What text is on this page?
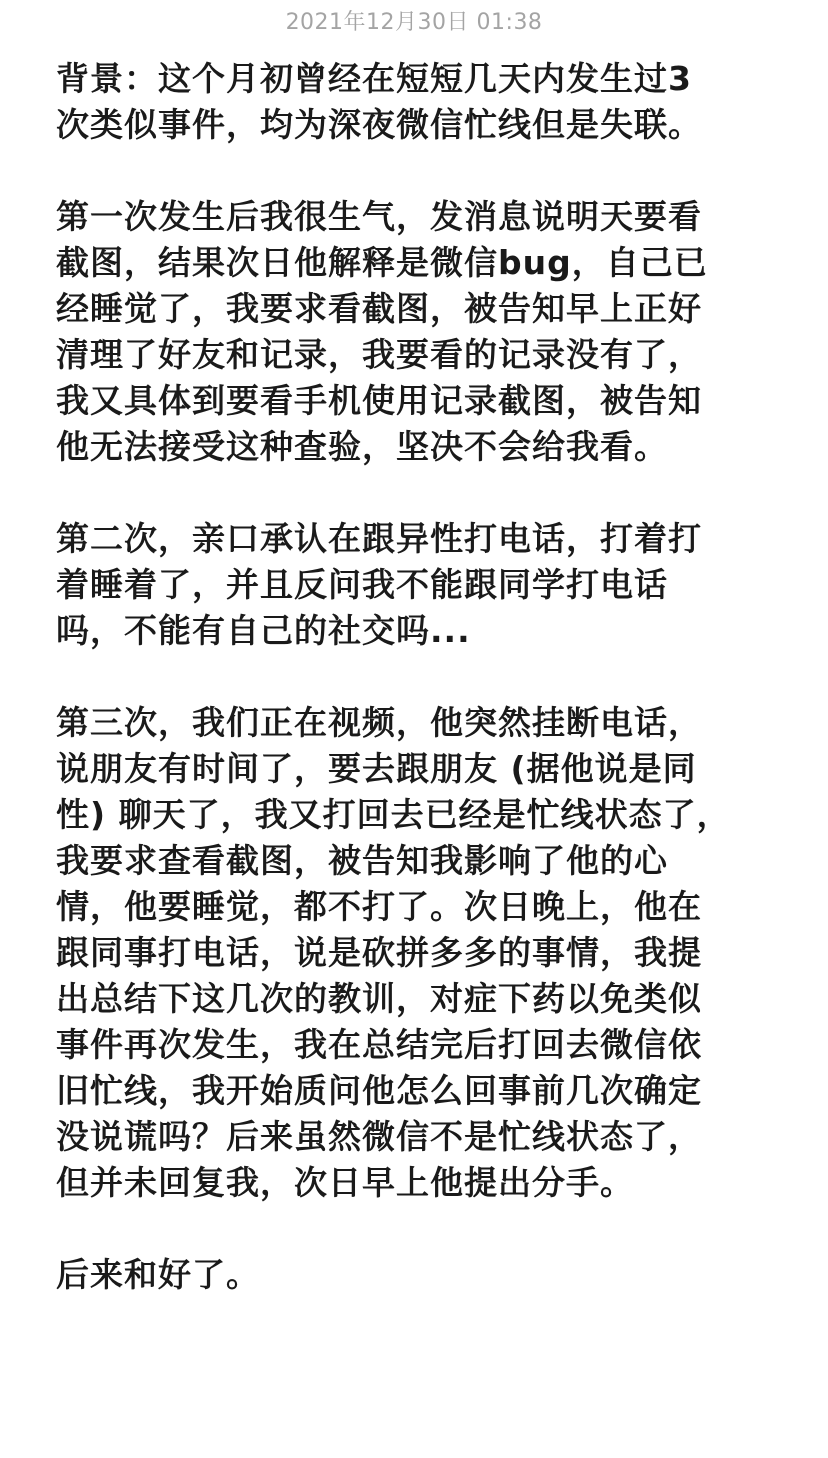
2021年12月30日 01:38

背景：这个月初曾经在短短几天内发生过3
次类似事件，均为深夜微信忙线但是失联。

第一次发生后我很生气，发消息说明天要看
截图，结果次日他解释是微信bug，自己已
经睡觉了，我要求看截图，被告知早上正好
清理了好友和记录，我要看的记录没有了，
我又具体到要看手机使用记录截图，被告知
他无法接受这种查验，坚决不会给我看。

第二次，亲口承认在跟异性打电话，打着打
着睡着了，并且反问我不能跟同学打电话
吗，不能有自己的社交吗...

第三次，我们正在视频，他突然挂断电话，
说朋友有时间了，要去跟朋友 (据他说是同
性) 聊天了，我又打回去已经是忙线状态了，
我要求查看截图，被告知我影响了他的心
情，他要睡觉，都不打了。次日晚上，他在
跟同事打电话，说是砍拼多多的事情，我提
出总结下这几次的教训，对症下药以免类似
事件再次发生，我在总结完后打回去微信依
旧忙线，我开始质问他怎么回事前几次确定
没说谎吗？后来虽然微信不是忙线状态了，
但并未回复我，次日早上他提出分手。

后来和好了。
